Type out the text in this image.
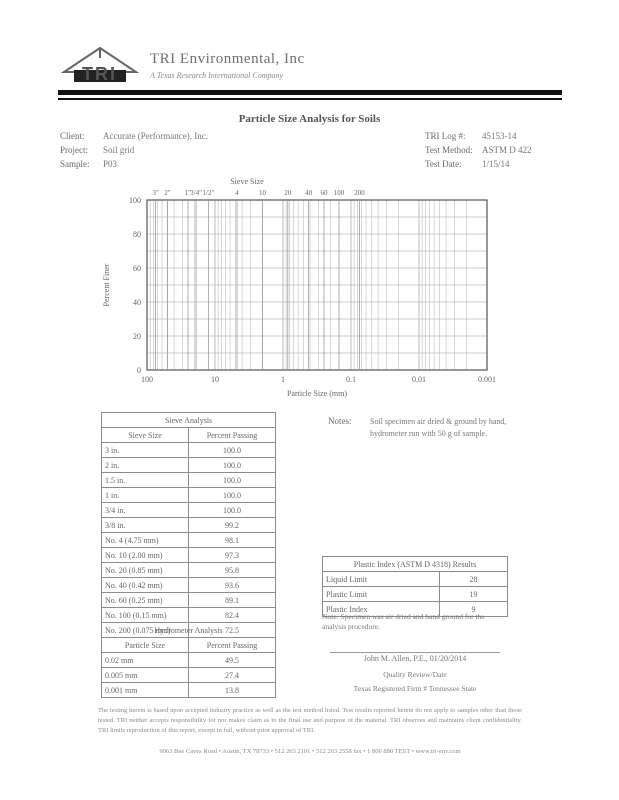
TRI
TRI Environmental, Inc
A Texas Research International Company
Particle Size Analysis for Soils
Client: Accurate (Performance), Inc.
Project: Soil grid
Sample: P03
TRI Log #: 45153-14
Test Method: ASTM D 422
Test Date: 1/15/14
100	10	1	0.1	0.01	0.001
100
80
60
40
20
0
3" 2" 1" 3/4" 1/2"	4	10	20 40 60 100 200
Sieve Size
Particle Size (mm)
Percent Finer
Sieve Analysis	
Sieve Size	Percent Passing
3 in.	100.0
2 in.	100.0
1.5 in.	100.0
1 in.	100.0
3/4 in.	100.0
3/8 in.	99.2
No. 4 (4.75 mm)	98.1
No. 10 (2.00 mm)	97.3
No. 20 (0.85 mm)	95.8
No. 40 (0.42 mm)	93.6
No. 60 (0.25 mm)	89.1
No. 100 (0.15 mm)	82.4
No. 200 (0.075 mm)	72.5
Hydrometer Analysis	
Particle Size	Percent Passing
0.02 mm	49.5
0.005 mm	27.4
0.001 mm	13.8
Notes: Soil specimen air dried & ground by hand, hydrometer run with 50 g of sample.
Plastic Index (ASTM D 4318) Results	
Liquid Limit	28
Plastic Limit	19
Plastic Index	9
Note: Specimen was air dried and hand ground for the analysis procedure.
John M. Allen, P.E., 01/20/2014
Quality Review/Date
Texas Registered Firm # Tennessee State
The testing herein is based upon accepted industry practice as well as the test method listed. Test results reported herein do not apply to samples other than those tested. TRI neither accepts responsibility for nor makes claim as to the final use and purpose of the material. TRI observes and maintains client confidentiality. TRI limits reproduction of this report, except in full, without prior approval of TRI.
9063 Bee Caves Road • Austin, TX 78733 • 512 263 2101 • 512 263 2558 fax • 1 800 880 TEST • www.tri-env.com
